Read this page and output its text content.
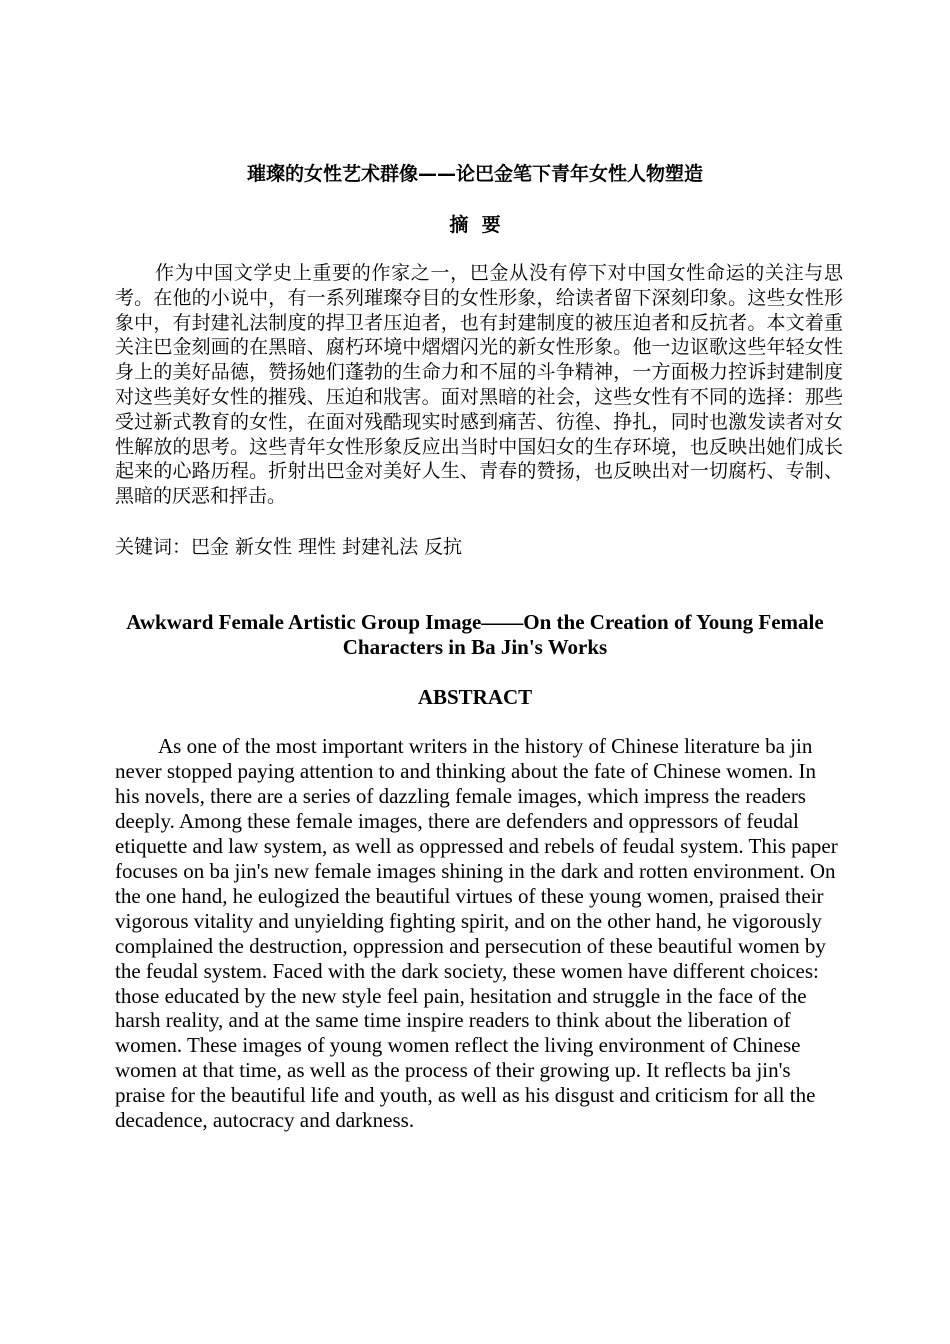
璀璨的女性艺术群像——论巴金笔下青年女性人物塑造
摘  要

作为中国文学史上重要的作家之一，巴金从没有停下对中国女性命运的关注与思考。在他的小说中，有一系列璀璨夺目的女性形象，给读者留下深刻印象。这些女性形象中，有封建礼法制度的捍卫者压迫者，也有封建制度的被压迫者和反抗者。本文着重关注巴金刻画的在黑暗、腐朽环境中熠熠闪光的新女性形象。他一边讴歌这些年轻女性身上的美好品德，赞扬她们蓬勃的生命力和不屈的斗争精神，一方面极力控诉封建制度对这些美好女性的摧残、压迫和戕害。面对黑暗的社会，这些女性有不同的选择：那些受过新式教育的女性，在面对残酷现实时感到痛苦、彷徨、挣扎，同时也激发读者对女性解放的思考。这些青年女性形象反应出当时中国妇女的生存环境，也反映出她们成长起来的心路历程。折射出巴金对美好人生、青春的赞扬，也反映出对一切腐朽、专制、黑暗的厌恶和抨击。

关键词：巴金 新女性 理性 封建礼法 反抗

Awkward Female Artistic Group Image——On the Creation of Young Female Characters in Ba Jin's Works
ABSTRACT

As one of the most important writers in the history of Chinese literature ba jin never stopped paying attention to and thinking about the fate of Chinese women. In his novels, there are a series of dazzling female images, which impress the readers deeply. Among these female images, there are defenders and oppressors of feudal etiquette and law system, as well as oppressed and rebels of feudal system. This paper focuses on ba jin's new female images shining in the dark and rotten environment. On the one hand, he eulogized the beautiful virtues of these young women, praised their vigorous vitality and unyielding fighting spirit, and on the other hand, he vigorously complained the destruction, oppression and persecution of these beautiful women by the feudal system. Faced with the dark society, these women have different choices: those educated by the new style feel pain, hesitation and struggle in the face of the harsh reality, and at the same time inspire readers to think about the liberation of women. These images of young women reflect the living environment of Chinese women at that time, as well as the process of their growing up. It reflects ba jin's praise for the beautiful life and youth, as well as his disgust and criticism for all the decadence, autocracy and darkness.
